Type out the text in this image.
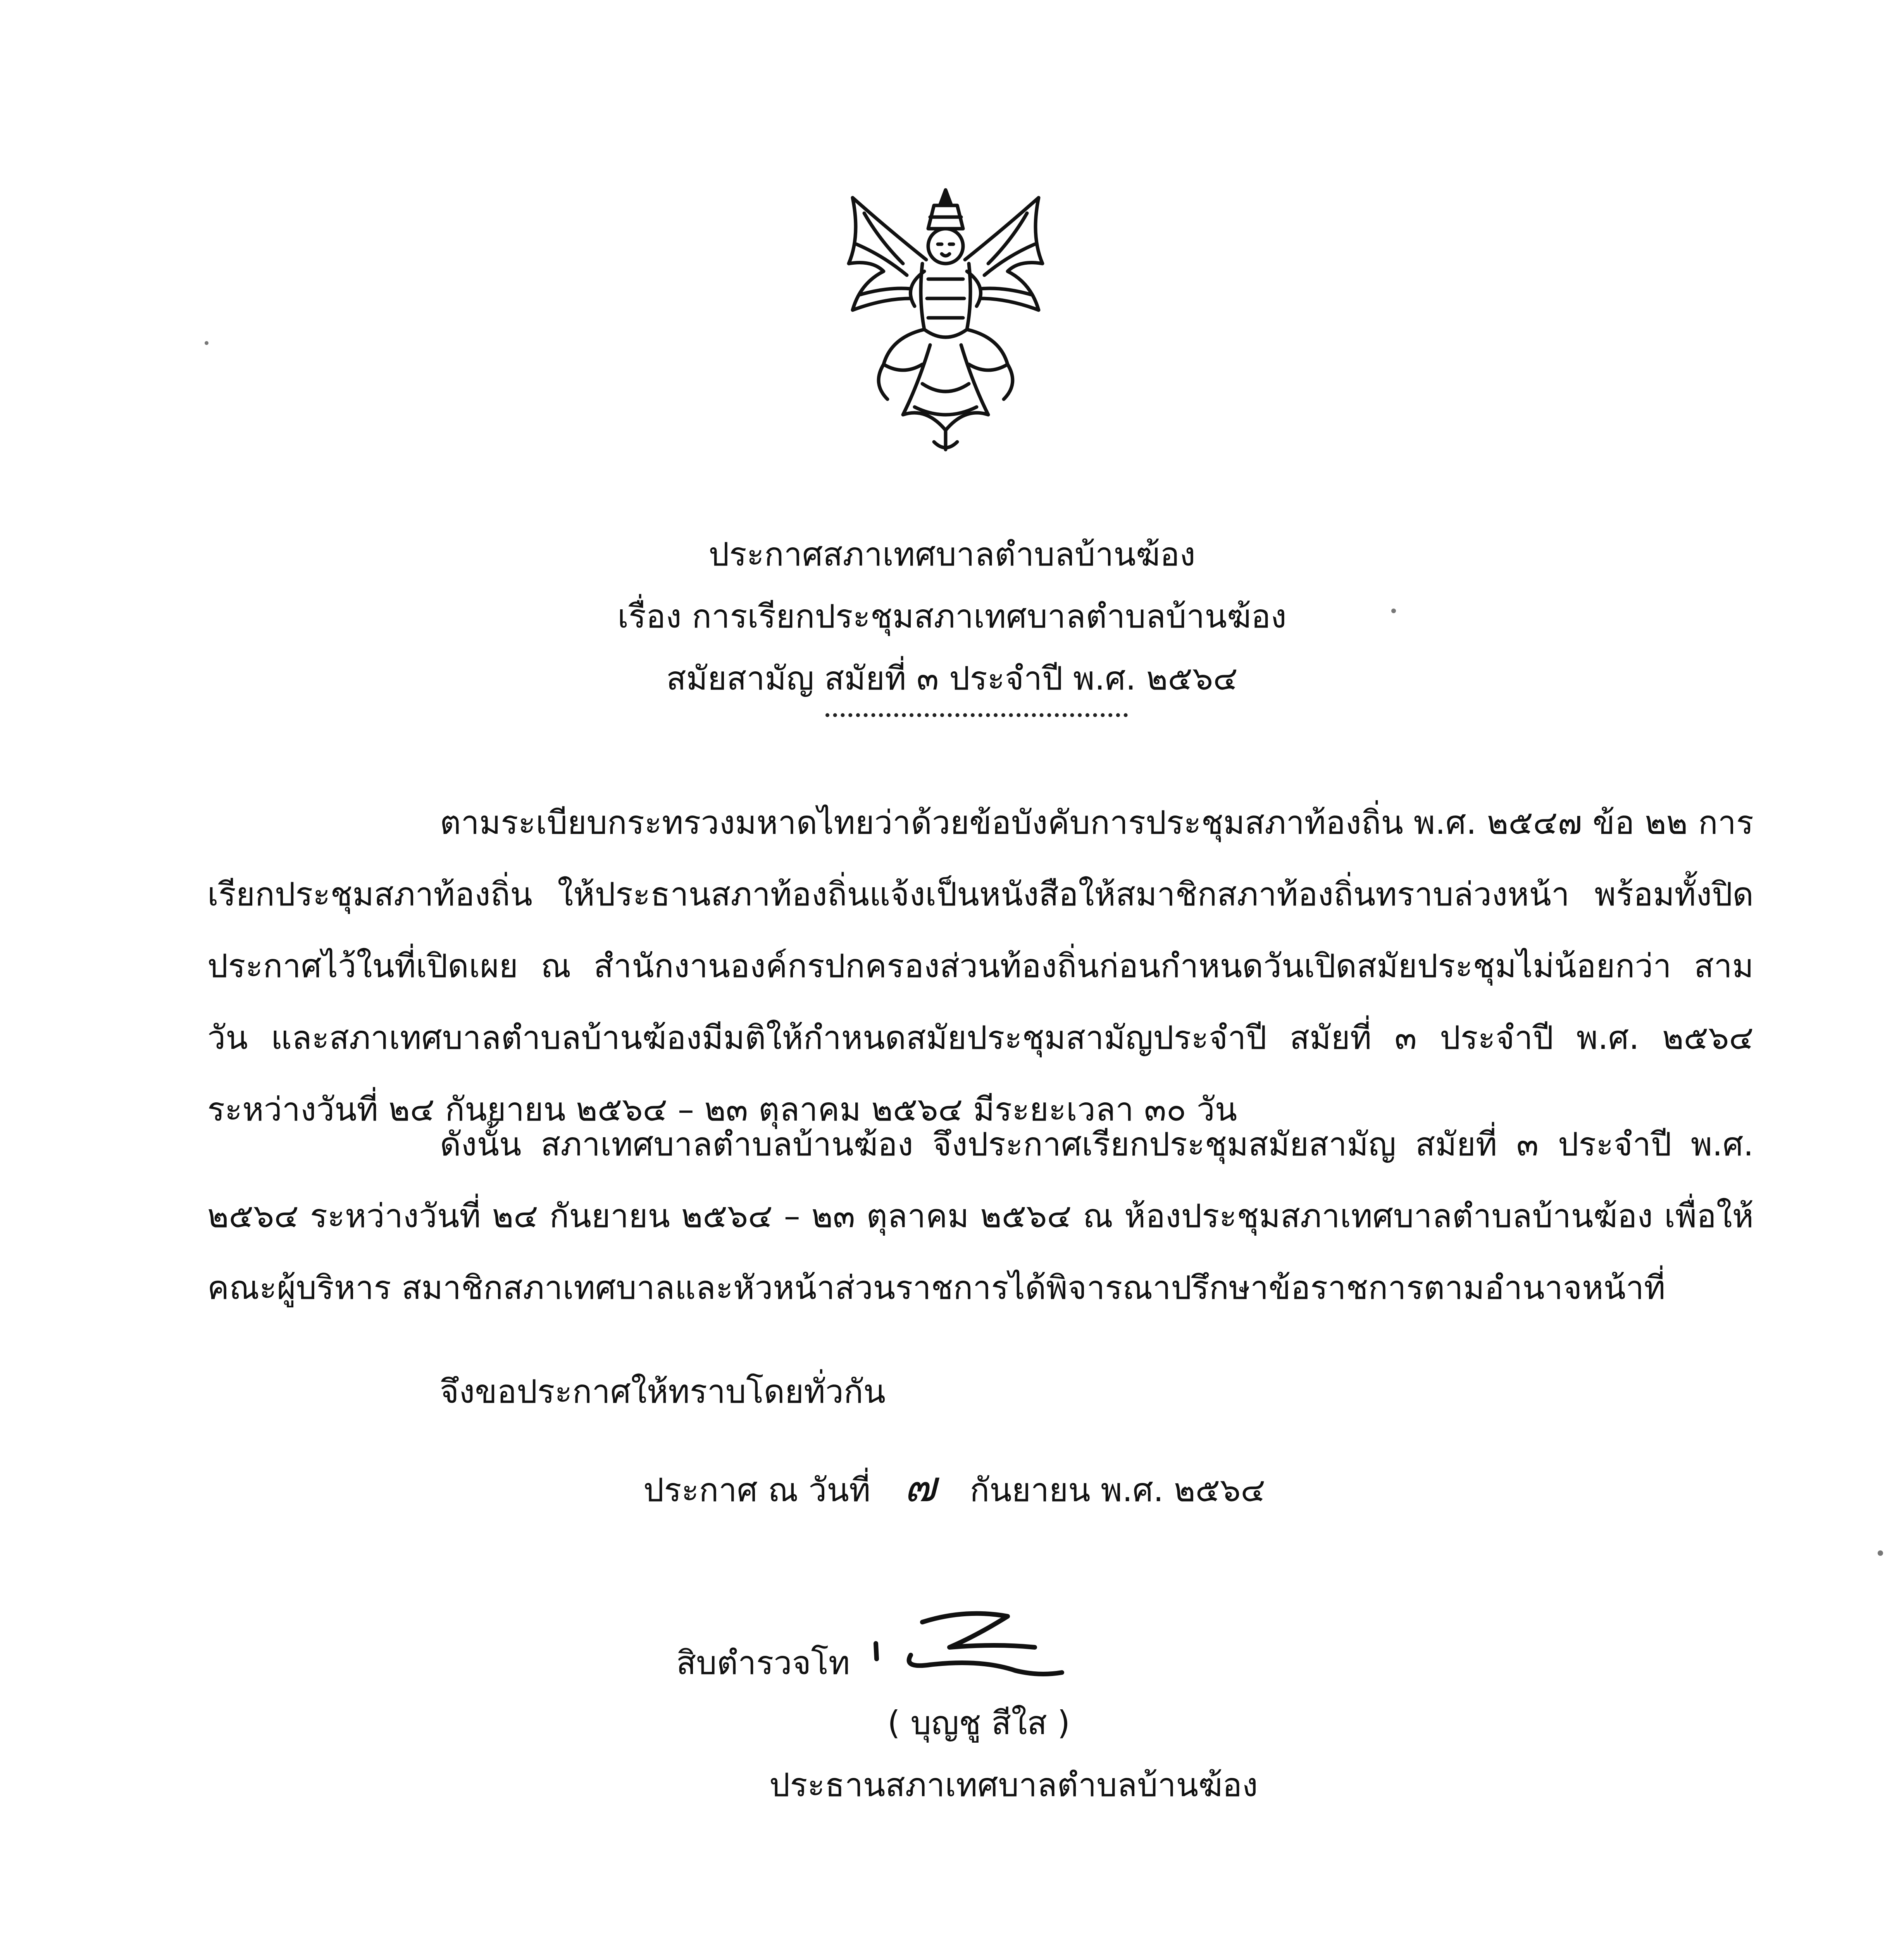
ประกาศสภาเทศบาลตำบลบ้านฆ้อง
เรื่อง การเรียกประชุมสภาเทศบาลตำบลบ้านฆ้อง
สมัยสามัญ สมัยที่ ๓ ประจำปี พ.ศ. ๒๕๖๔
ตามระเบียบกระทรวงมหาดไทยว่าด้วยข้อบังคับการประชุมสภาท้องถิ่น พ.ศ. ๒๕๔๗ ข้อ ๒๒ การเรียกประชุมสภาท้องถิ่น ให้ประธานสภาท้องถิ่นแจ้งเป็นหนังสือให้สมาชิกสภาท้องถิ่นทราบล่วงหน้า พร้อมทั้งปิดประกาศไว้ในที่เปิดเผย ณ สำนักงานองค์กรปกครองส่วนท้องถิ่นก่อนกำหนดวันเปิดสมัยประชุมไม่น้อยกว่า สามวัน และสภาเทศบาลตำบลบ้านฆ้องมีมติให้กำหนดสมัยประชุมสามัญประจำปี สมัยที่ ๓ ประจำปี พ.ศ. ๒๕๖๔ ระหว่างวันที่ ๒๔ กันยายน ๒๕๖๔ – ๒๓ ตุลาคม ๒๕๖๔ มีระยะเวลา ๓๐ วัน
ดังนั้น สภาเทศบาลตำบลบ้านฆ้อง จึงประกาศเรียกประชุมสมัยสามัญ สมัยที่ ๓ ประจำปี พ.ศ. ๒๕๖๔ ระหว่างวันที่ ๒๔ กันยายน ๒๕๖๔ – ๒๓ ตุลาคม ๒๕๖๔ ณ ห้องประชุมสภาเทศบาลตำบลบ้านฆ้อง เพื่อให้คณะผู้บริหาร สมาชิกสภาเทศบาลและหัวหน้าส่วนราชการได้พิจารณาปรึกษาข้อราชการตามอำนาจหน้าที่
จึงขอประกาศให้ทราบโดยทั่วกัน
ประกาศ ณ วันที่ ๗ กันยายน พ.ศ. ๒๕๖๔
สิบตำรวจโท
( บุญชู สีใส )
ประธานสภาเทศบาลตำบลบ้านฆ้อง
